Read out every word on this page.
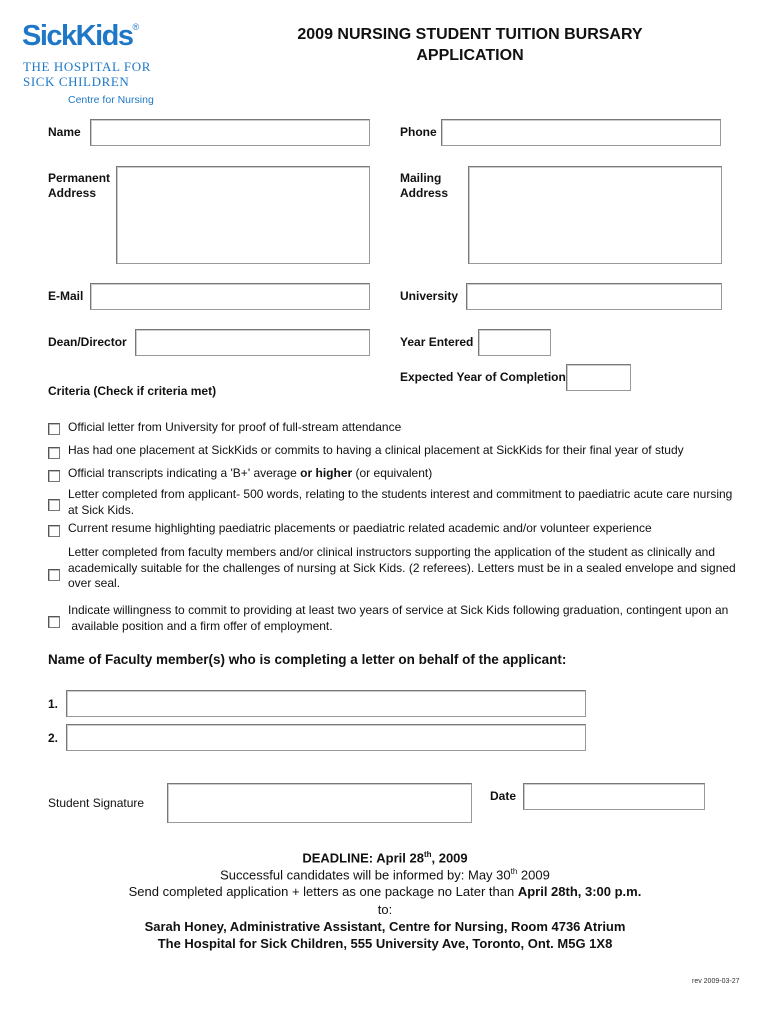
SickKids®
THE HOSPITAL FOR
SICK CHILDREN
Centre for Nursing
2009 NURSING STUDENT TUITION BURSARY
APPLICATION
Name	Phone
Permanent
Address
Mailing
Address
E-Mail	University
Dean/Director	Year Entered
Expected Year of Completion
Criteria (Check if criteria met)
Official letter from University for proof of full-stream attendance
Has had one placement at SickKids or commits to having a clinical placement at SickKids for their final year of study
Official transcripts indicating a 'B+' average or higher (or equivalent)
Letter completed from applicant- 500 words, relating to the students interest and commitment to paediatric acute care nursing
at Sick Kids.
Current resume highlighting paediatric placements or paediatric related academic and/or volunteer experience
Letter completed from faculty members and/or clinical instructors supporting the application of the student as clinically and
academically suitable for the challenges of nursing at Sick Kids. (2 referees). Letters must be in a sealed envelope and signed
over seal.
Indicate willingness to commit to providing at least two years of service at Sick Kids following graduation, contingent upon an
available position and a firm offer of employment.
Name of Faculty member(s) who is completing a letter on behalf of the applicant:
1.
2.
Student Signature	Date
DEADLINE: April 28th, 2009
Successful candidates will be informed by: May 30th 2009
Send completed application + letters as one package no Later than April 28th, 3:00 p.m.
to:
Sarah Honey, Administrative Assistant, Centre for Nursing, Room 4736 Atrium
The Hospital for Sick Children, 555 University Ave, Toronto, Ont. M5G 1X8
rev 2009-03-27
